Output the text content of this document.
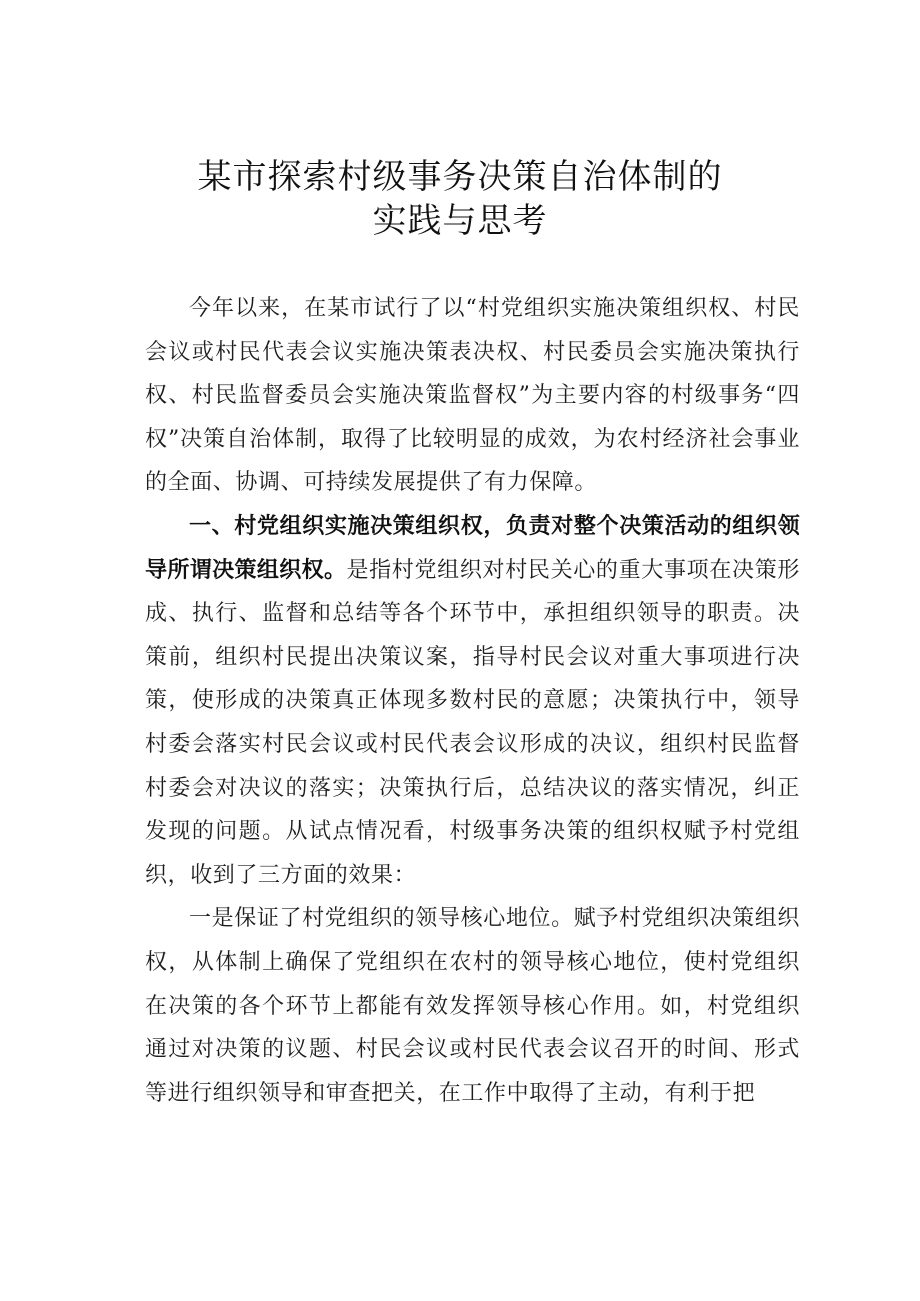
某市探索村级事务决策自治体制的
实践与思考

今年以来，在某市试行了以“村党组织实施决策组织权、村民会议或村民代表会议实施决策表决权、村民委员会实施决策执行权、村民监督委员会实施决策监督权”为主要内容的村级事务“四权”决策自治体制，取得了比较明显的成效，为农村经济社会事业的全面、协调、可持续发展提供了有力保障。

一、村党组织实施决策组织权，负责对整个决策活动的组织领导所谓决策组织权。是指村党组织对村民关心的重大事项在决策形成、执行、监督和总结等各个环节中，承担组织领导的职责。决策前，组织村民提出决策议案，指导村民会议对重大事项进行决策，使形成的决策真正体现多数村民的意愿；决策执行中，领导村委会落实村民会议或村民代表会议形成的决议，组织村民监督村委会对决议的落实；决策执行后，总结决议的落实情况，纠正发现的问题。从试点情况看，村级事务决策的组织权赋予村党组织，收到了三方面的效果：

一是保证了村党组织的领导核心地位。赋予村党组织决策组织权，从体制上确保了党组织在农村的领导核心地位，使村党组织在决策的各个环节上都能有效发挥领导核心作用。如，村党组织通过对决策的议题、村民会议或村民代表会议召开的时间、形式等进行组织领导和审查把关，在工作中取得了主动，有利于把
